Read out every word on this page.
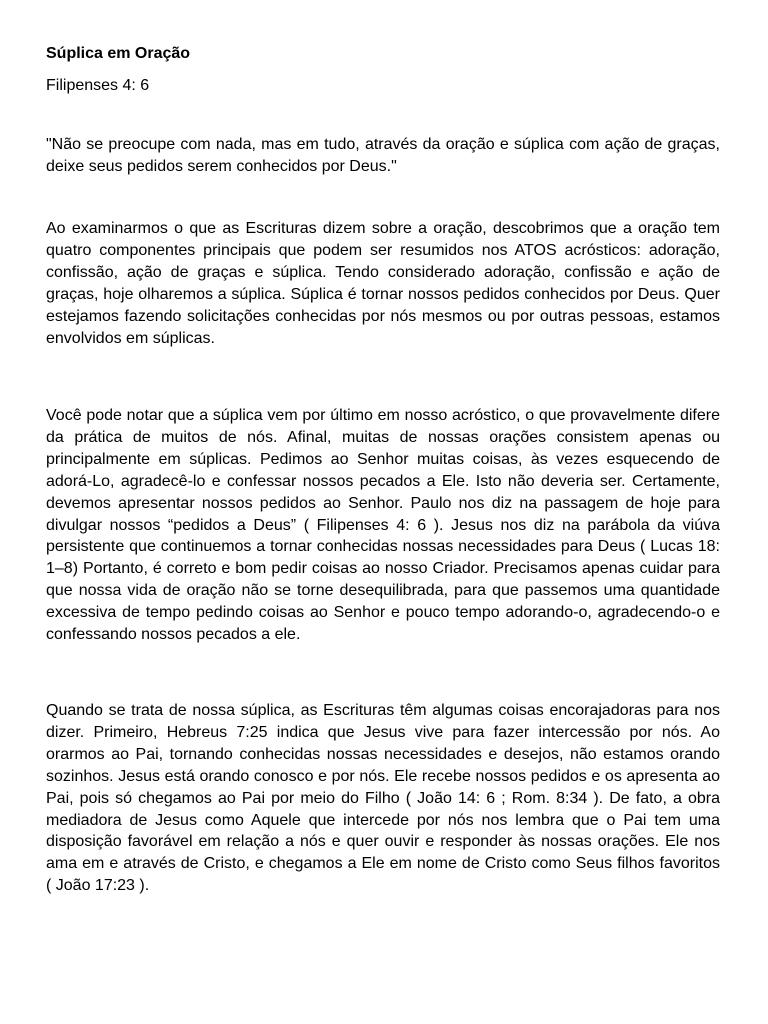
Súplica em Oração

Filipenses 4: 6

"Não se preocupe com nada, mas em tudo, através da oração e súplica com ação de graças, deixe seus pedidos serem conhecidos por Deus."

Ao examinarmos o que as Escrituras dizem sobre a oração, descobrimos que a oração tem quatro componentes principais que podem ser resumidos nos ATOS acrósticos: adoração, confissão, ação de graças e súplica. Tendo considerado adoração, confissão e ação de graças, hoje olharemos a súplica. Súplica é tornar nossos pedidos conhecidos por Deus. Quer estejamos fazendo solicitações conhecidas por nós mesmos ou por outras pessoas, estamos envolvidos em súplicas.

Você pode notar que a súplica vem por último em nosso acróstico, o que provavelmente difere da prática de muitos de nós. Afinal, muitas de nossas orações consistem apenas ou principalmente em súplicas. Pedimos ao Senhor muitas coisas, às vezes esquecendo de adorá-Lo, agradecê-lo e confessar nossos pecados a Ele. Isto não deveria ser. Certamente, devemos apresentar nossos pedidos ao Senhor. Paulo nos diz na passagem de hoje para divulgar nossos “pedidos a Deus” ( Filipenses 4: 6 ). Jesus nos diz na parábola da viúva persistente que continuemos a tornar conhecidas nossas necessidades para Deus ( Lucas 18: 1–8) Portanto, é correto e bom pedir coisas ao nosso Criador. Precisamos apenas cuidar para que nossa vida de oração não se torne desequilibrada, para que passemos uma quantidade excessiva de tempo pedindo coisas ao Senhor e pouco tempo adorando-o, agradecendo-o e confessando nossos pecados a ele.

Quando se trata de nossa súplica, as Escrituras têm algumas coisas encorajadoras para nos dizer. Primeiro, Hebreus 7:25 indica que Jesus vive para fazer intercessão por nós. Ao orarmos ao Pai, tornando conhecidas nossas necessidades e desejos, não estamos orando sozinhos. Jesus está orando conosco e por nós. Ele recebe nossos pedidos e os apresenta ao Pai, pois só chegamos ao Pai por meio do Filho ( João 14: 6 ; Rom. 8:34 ). De fato, a obra mediadora de Jesus como Aquele que intercede por nós nos lembra que o Pai tem uma disposição favorável em relação a nós e quer ouvir e responder às nossas orações. Ele nos ama em e através de Cristo, e chegamos a Ele em nome de Cristo como Seus filhos favoritos ( João 17:23 ).
